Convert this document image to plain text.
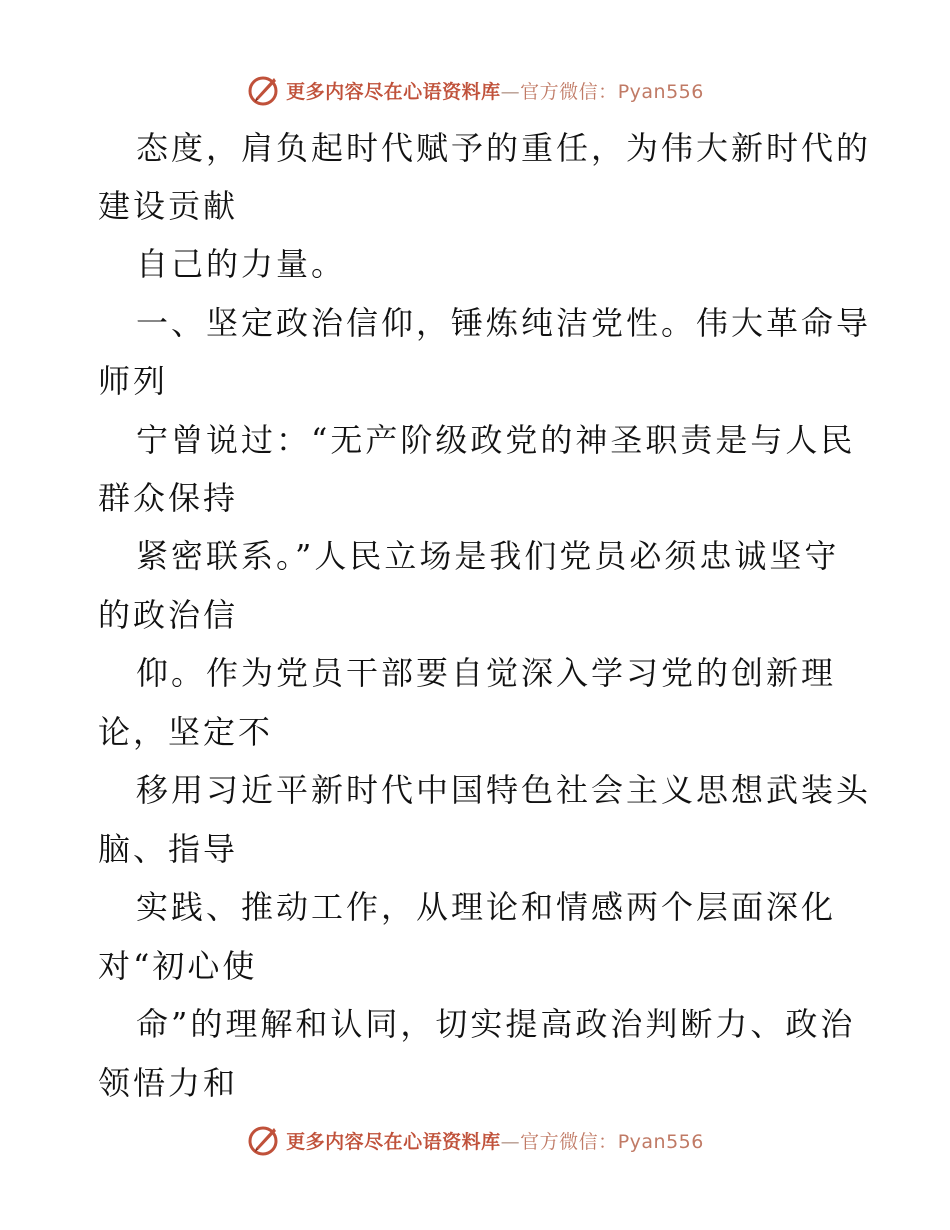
更多内容尽在心语资料库—官方微信：Pyan556
态度，肩负起时代赋予的重任，为伟大新时代的
建设贡献
自己的力量。
一、坚定政治信仰，锤炼纯洁党性。伟大革命导
师列
宁曾说过：“无产阶级政党的神圣职责是与人民
群众保持
紧密联系。”人民立场是我们党员必须忠诚坚守
的政治信
仰。作为党员干部要自觉深入学习党的创新理
论，坚定不
移用习近平新时代中国特色社会主义思想武装头
脑、指导
实践、推动工作，从理论和情感两个层面深化
对“初心使
命”的理解和认同，切实提高政治判断力、政治
领悟力和
更多内容尽在心语资料库—官方微信：Pyan556
